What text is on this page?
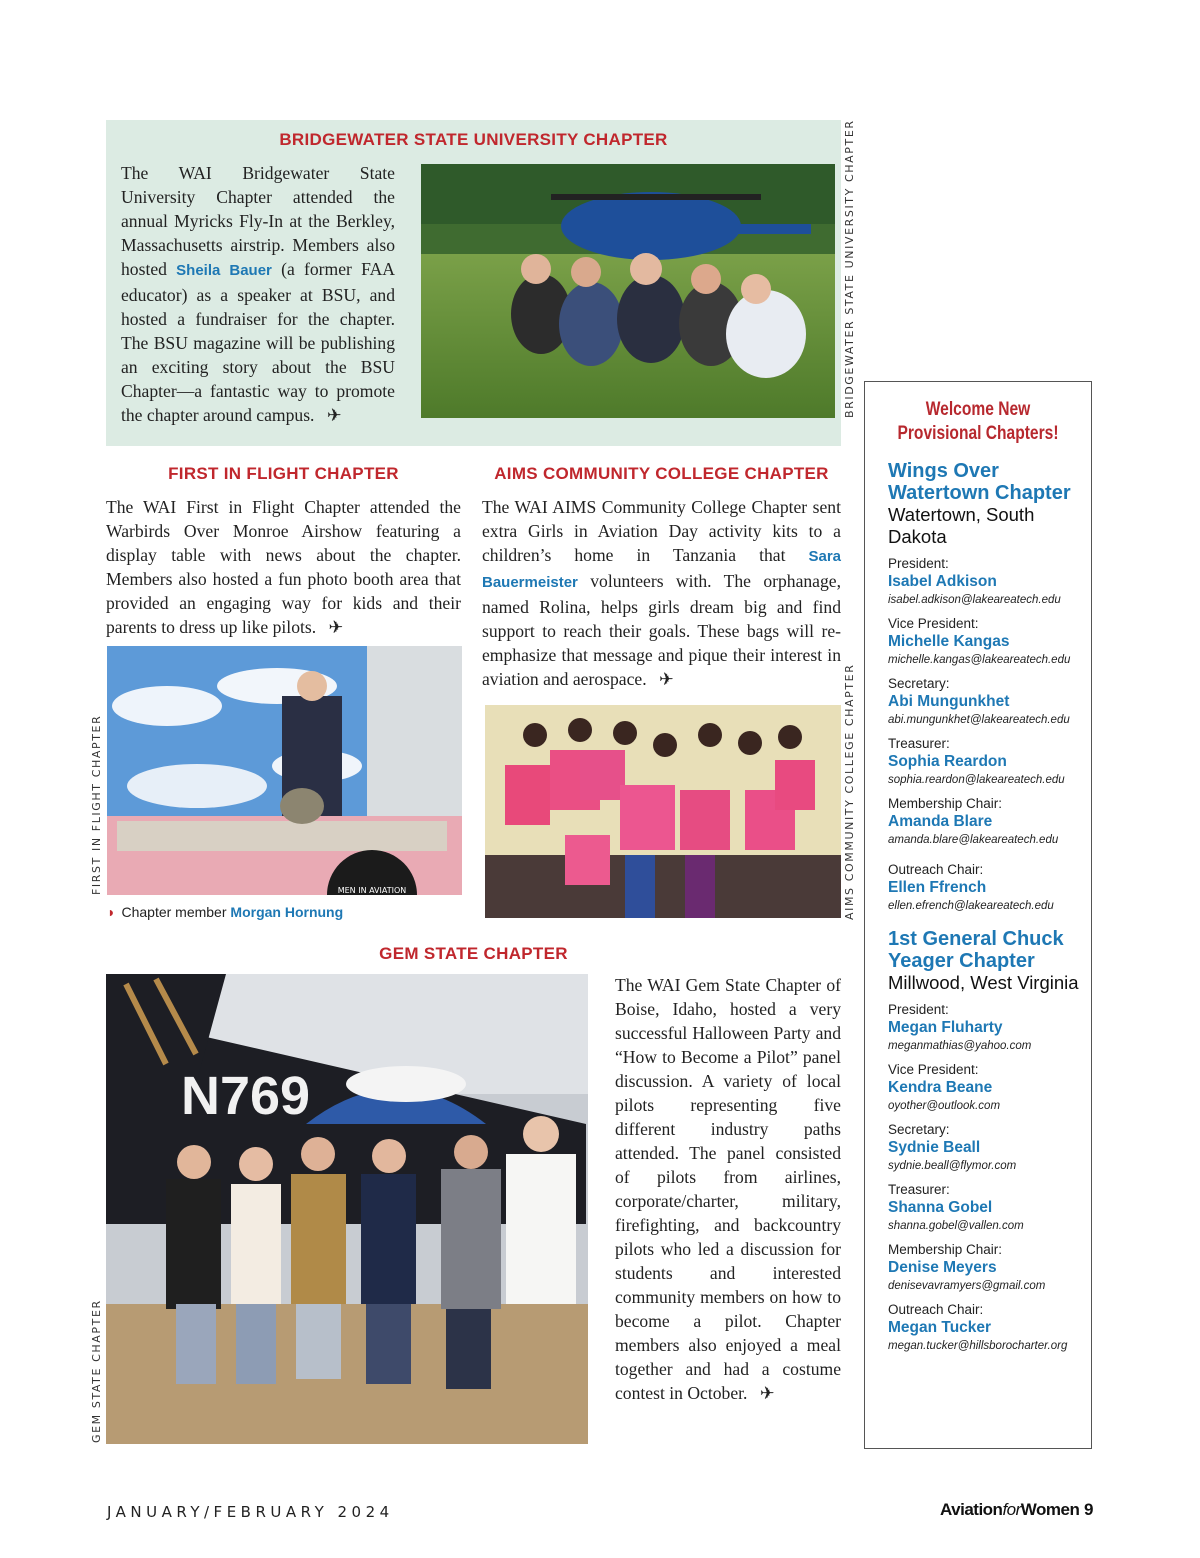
BRIDGEWATER STATE UNIVERSITY CHAPTER
The WAI Bridgewater State University Chapter attended the annual Myricks Fly-In at the Berkley, Massachusetts airstrip. Members also hosted Sheila Bauer (a former FAA educator) as a speaker at BSU, and hosted a fundraiser for the chapter. The BSU magazine will be publishing an exciting story about the BSU Chapter—a fantastic way to promote the chapter around campus. ✈	BRIDGEWATER STATE UNIVERSITY CHAPTER
FIRST IN FLIGHT CHAPTER
The WAI First in Flight Chapter attended the Warbirds Over Monroe Airshow featuring a display table with news about the chapter. Members also hosted a fun photo booth area that provided an engaging way for kids and their parents to dress up like pilots. ✈
MEN IN AVIATION
FIRST IN FLIGHT CHAPTER
◗ Chapter member Morgan Hornung
AIMS COMMUNITY COLLEGE CHAPTER
The WAI AIMS Community College Chapter sent extra Girls in Aviation Day activity kits to a children’s home in Tanzania that Sara Bauermeister volunteers with. The orphanage, named Rolina, helps girls dream big and find support to reach their goals. These bags will re-emphasize that message and pique their interest in aviation and aerospace. ✈	AIMS COMMUNITY COLLEGE CHAPTER
GEM STATE CHAPTER
N769
GEM STATE CHAPTER
The WAI Gem State Chapter of Boise, Idaho, hosted a very successful Halloween Party and “How to Become a Pilot” panel discussion. A variety of local pilots representing five different industry paths attended. The panel consisted of pilots from airlines, corporate/charter, military, firefighting, and backcountry pilots who led a discussion for students and interested community members on how to become a pilot. Chapter members also enjoyed a meal together and had a costume contest in October. ✈
Welcome New
Provisional Chapters!
Wings Over Watertown Chapter
Watertown, South Dakota
President:
Isabel Adkison
isabel.adkison@lakeareatech.edu
Vice President:
Michelle Kangas
michelle.kangas@lakeareatech.edu
Secretary:
Abi Mungunkhet
abi.mungunkhet@lakeareatech.edu
Treasurer:
Sophia Reardon
sophia.reardon@lakeareatech.edu
Membership Chair:
Amanda Blare
amanda.blare@lakeareatech.edu
Outreach Chair:
Ellen Ffrench
ellen.efrench@lakeareatech.edu
1st General Chuck Yeager Chapter
Millwood, West Virginia
President:
Megan Fluharty
meganmathias@yahoo.com
Vice President:
Kendra Beane
oyother@outlook.com
Secretary:
Sydnie Beall
sydnie.beall@flymor.com
Treasurer:
Shanna Gobel
shanna.gobel@vallen.com
Membership Chair:
Denise Meyers
denisevavramyers@gmail.com
Outreach Chair:
Megan Tucker
megan.tucker@hillsborocharter.org
JANUARY/FEBRUARY 2024	AviationforWomen 9
